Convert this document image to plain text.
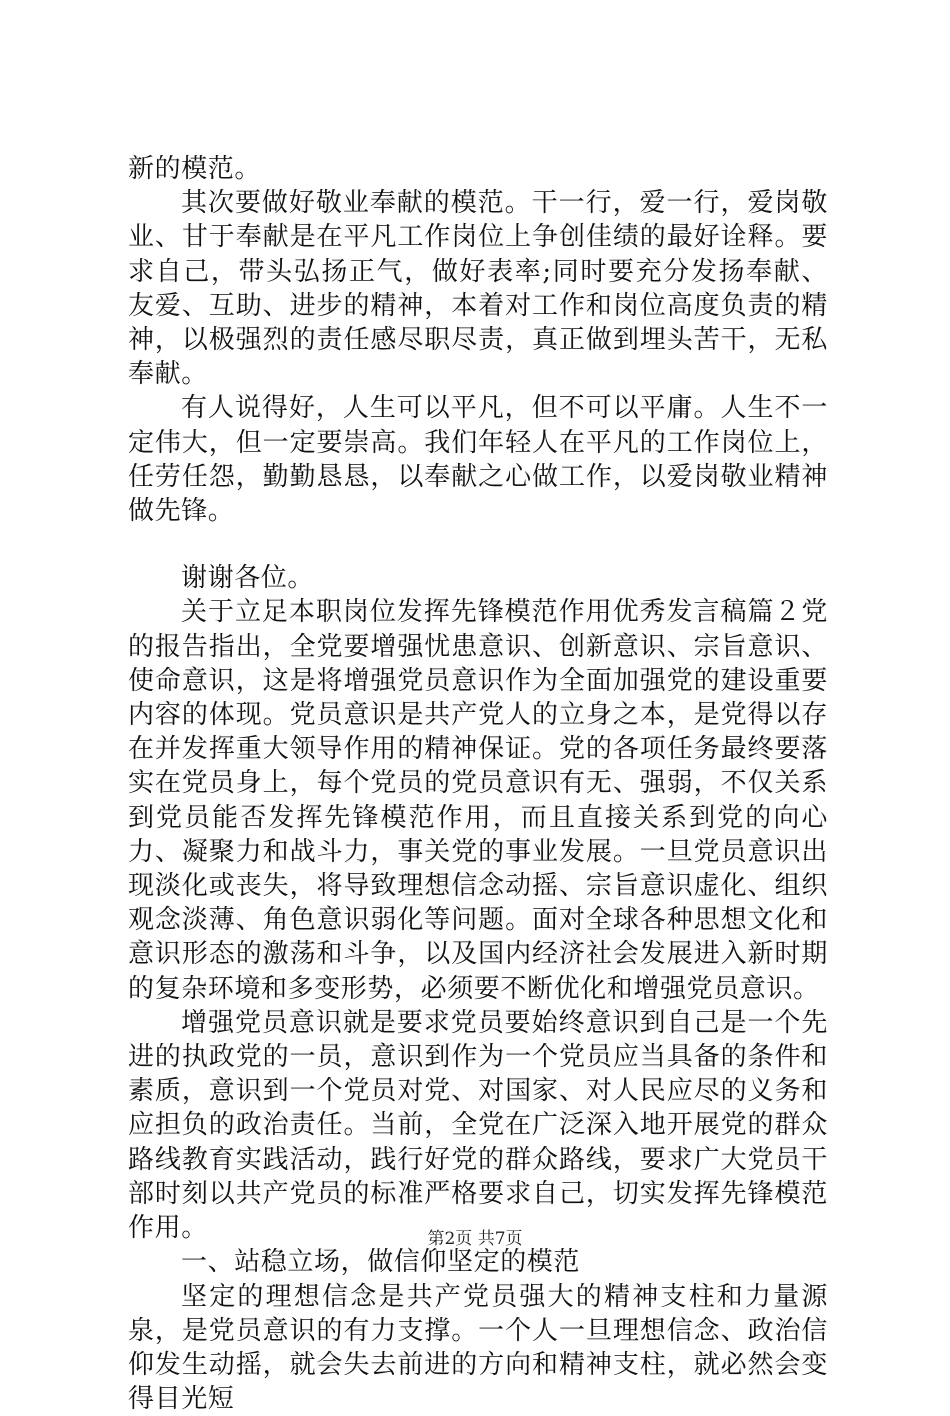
新的模范。

其次要做好敬业奉献的模范。干一行，爱一行，爱岗敬业、甘于奉献是在平凡工作岗位上争创佳绩的最好诠释。要求自己，带头弘扬正气，做好表率;同时要充分发扬奉献、友爱、互助、进步的精神，本着对工作和岗位高度负责的精神，以极强烈的责任感尽职尽责，真正做到埋头苦干，无私奉献。

有人说得好，人生可以平凡，但不可以平庸。人生不一定伟大，但一定要崇高。我们年轻人在平凡的工作岗位上，任劳任怨，勤勤恳恳，以奉献之心做工作，以爱岗敬业精神做先锋。

谢谢各位。

关于立足本职岗位发挥先锋模范作用优秀发言稿篇２党的报告指出，全党要增强忧患意识、创新意识、宗旨意识、使命意识，这是将增强党员意识作为全面加强党的建设重要内容的体现。党员意识是共产党人的立身之本，是党得以存在并发挥重大领导作用的精神保证。党的各项任务最终要落实在党员身上，每个党员的党员意识有无、强弱，不仅关系到党员能否发挥先锋模范作用，而且直接关系到党的向心力、凝聚力和战斗力，事关党的事业发展。一旦党员意识出现淡化或丧失，将导致理想信念动摇、宗旨意识虚化、组织观念淡薄、角色意识弱化等问题。面对全球各种思想文化和意识形态的激荡和斗争，以及国内经济社会发展进入新时期的复杂环境和多变形势，必须要不断优化和增强党员意识。

增强党员意识就是要求党员要始终意识到自己是一个先进的执政党的一员，意识到作为一个党员应当具备的条件和素质，意识到一个党员对党、对国家、对人民应尽的义务和应担负的政治责任。当前，全党在广泛深入地开展党的群众路线教育实践活动，践行好党的群众路线，要求广大党员干部时刻以共产党员的标准严格要求自己，切实发挥先锋模范作用。

一、站稳立场，做信仰坚定的模范

坚定的理想信念是共产党员强大的精神支柱和力量源泉，是党员意识的有力支撑。一个人一旦理想信念、政治信仰发生动摇，就会失去前进的方向和精神支柱，就必然会变得目光短

第2页 共7页
